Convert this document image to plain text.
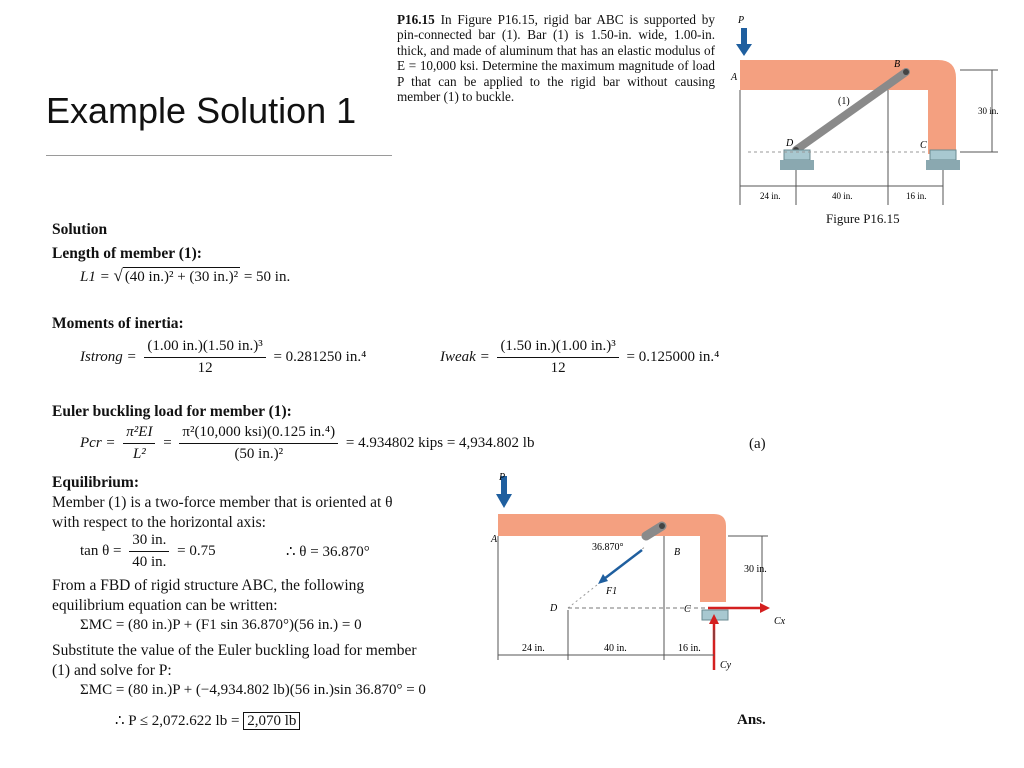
Example Solution 1
P16.15 In Figure P16.15, rigid bar ABC is supported by pin-connected bar (1). Bar (1) is 1.50-in. wide, 1.00-in. thick, and made of aluminum that has an elastic modulus of E = 10,000 ksi. Determine the maximum magnitude of load P that can be applied to the rigid bar without causing member (1) to buckle.
P
A
B
C
D
(1)
24 in.	40 in.	16 in.
30 in.
Figure P16.15
Solution
Length of member (1):
L1 = √ (40 in.)² + (30 in.)² = 50 in.
Moments of inertia:
Istrong = $\frac{\text{(1.00 in.)(1.50 in.)³}}{12} = 0.281250$ in.⁴	Iweak = $\frac{\text{(1.50 in.)(1.00 in.)³}}{12} = 0.125000$ in.⁴
Euler buckling load for member (1):
Pcr = $\frac{\text{π²EI}}{\text{L²}} = \frac{\text{π²(10,000 ksi)(0.125 in.⁴)}}{\text{(50 in.)²}} = 4.934802$ kips = 4,934.802 lb	(a)
Equilibrium:
Member (1) is a two-force member that is oriented at θ
with respect to the horizontal axis:
$\tan \theta = \frac{30 in.}{40 in.} = 0.75$	∴ θ = 36.870°
From a FBD of rigid structure ABC, the following
equilibrium equation can be written:
ΣMC = (80 in.)P + (F1 sin 36.870°)(56 in.) = 0
Substitute the value of the Euler buckling load for member
(1) and solve for P:
ΣMC = (80 in.)P + (−4,934.802 lb)(56 in.)sin 36.870° = 0
∴ P ≤ 2,072.622 lb = 2,070 lb	Ans.
P
A
36.870°	B
F1
D	C
Cx
Cy
24 in.	40 in.	16 in.
30 in.
